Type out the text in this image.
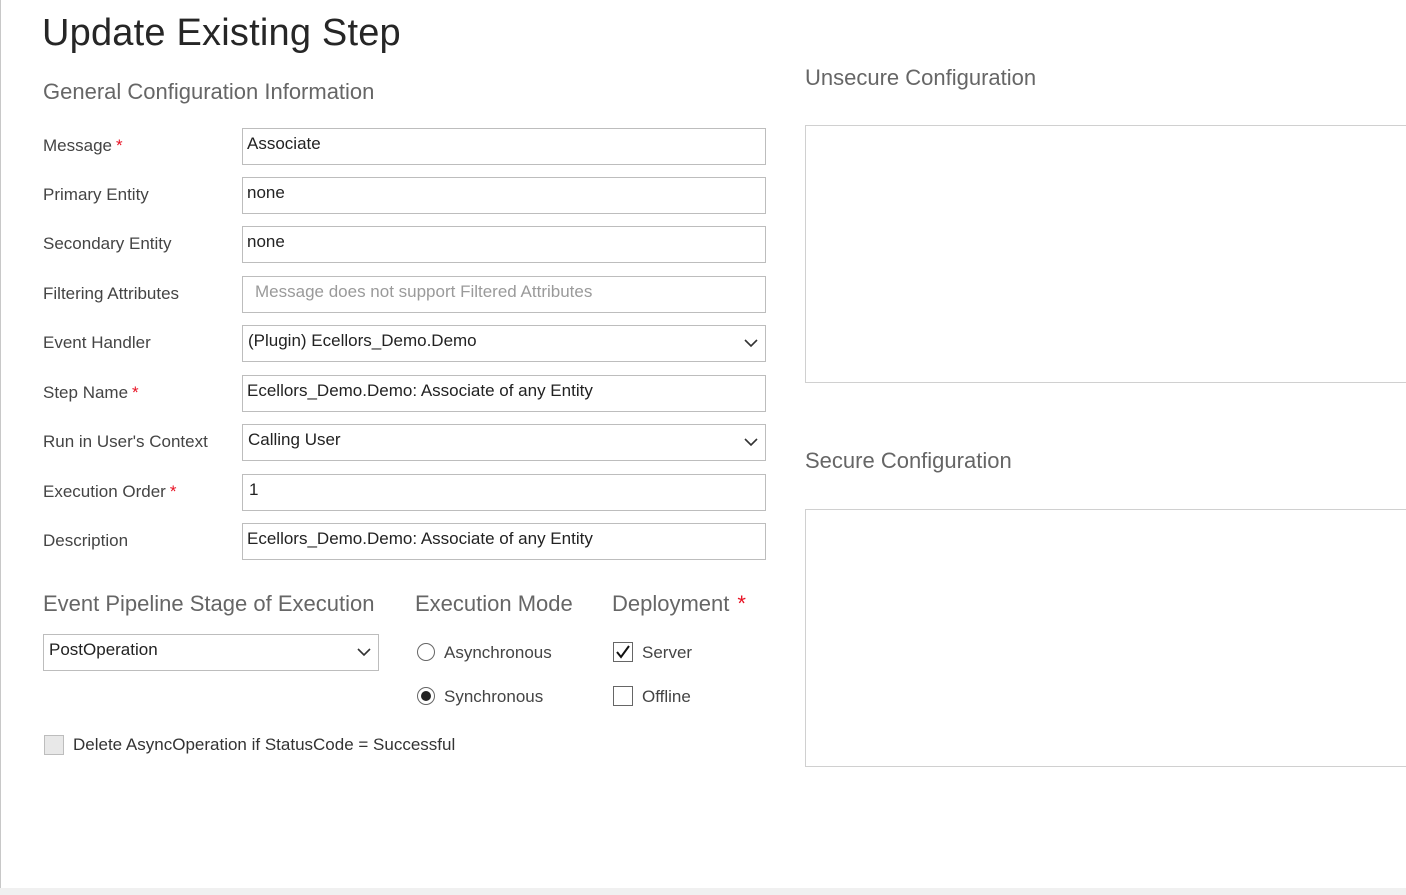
Update Existing Step
General Configuration Information
Message *	Associate
Primary Entity	none
Secondary Entity	none
Filtering Attributes	Message does not support Filtered Attributes
Event Handler	(Plugin) Ecellors_Demo.Demo
Step Name *	Ecellors_Demo.Demo: Associate of any Entity
Run in User's Context	Calling User
Execution Order *	1
Description	Ecellors_Demo.Demo: Associate of any Entity
Event Pipeline Stage of Execution
PostOperation
Execution Mode
Asynchronous
Synchronous
Deployment *
Server
Offline
Delete AsyncOperation if StatusCode = Successful
Unsecure Configuration
Secure Configuration
